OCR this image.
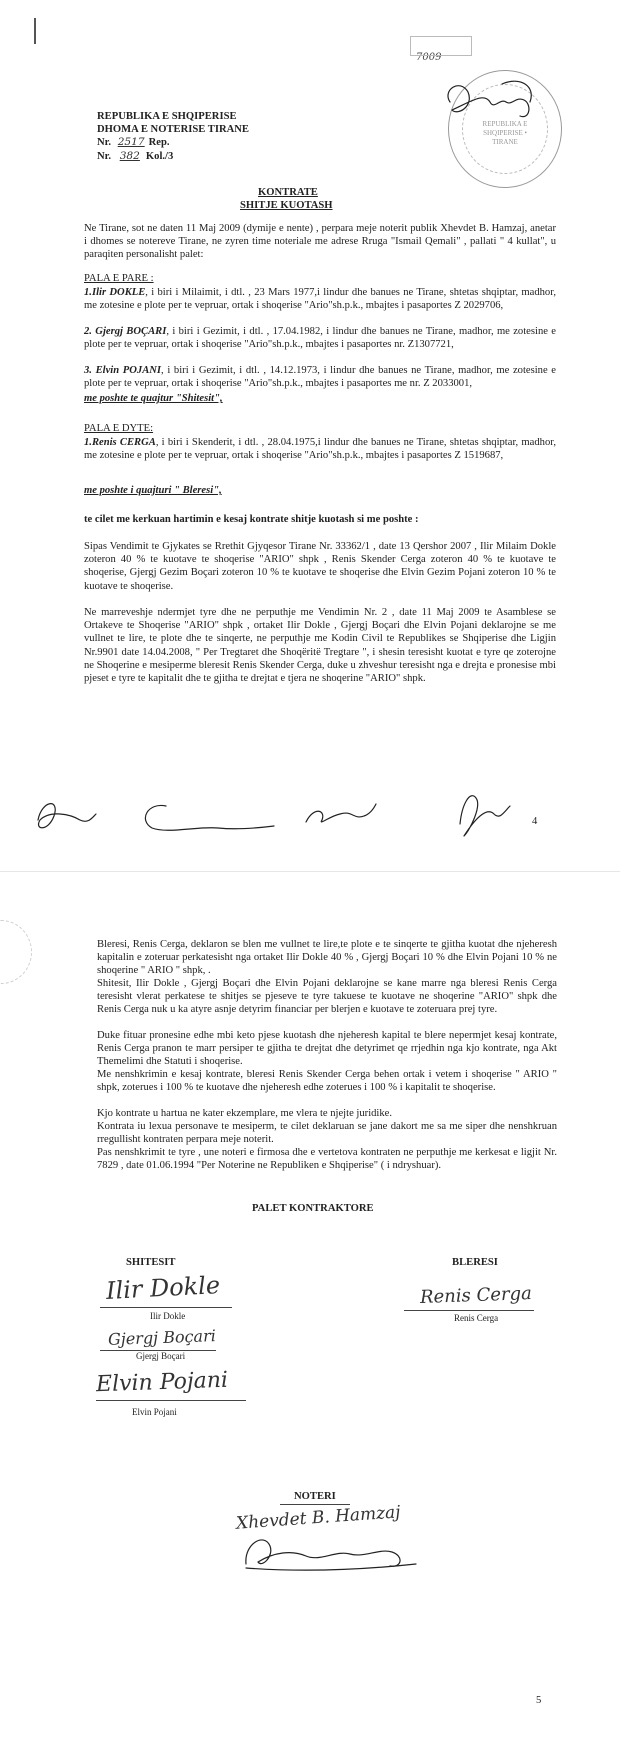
REPUBLIKA E SHQIPERISE
DHOMA E NOTERISE TIRANE
Nr. 2517 Rep.
Nr. 382 Kol./3
REPUBLIKA E SHQIPERISE • TIRANE
7009
KONTRATE
SHITJE KUOTASH
Ne Tirane, sot ne daten 11 Maj 2009 (dymije e nente) , perpara meje noterit publik Xhevdet B. Hamzaj, anetar i dhomes se notereve Tirane, ne zyren time noteriale me adrese Rruga "Ismail Qemali" , pallati " 4 kullat", u paraqiten personalisht palet:
PALA E PARE :
1.Ilir DOKLE, i biri i Milaimit, i dtl. , 23 Mars 1977,i lindur dhe banues ne Tirane, shtetas shqiptar, madhor, me zotesine e plote per te vepruar, ortak i shoqerise "Ario"sh.p.k., mbajtes i pasaportes Z 2029706,
2. Gjergj BOÇARI, i biri i Gezimit, i dtl. , 17.04.1982, i lindur dhe banues ne Tirane, madhor, me zotesine e plote per te vepruar, ortak i shoqerise "Ario"sh.p.k., mbajtes i pasaportes nr. Z1307721,
3. Elvin POJANI, i biri i Gezimit, i dtl. , 14.12.1973, i lindur dhe banues ne Tirane, madhor, me zotesine e plote per te vepruar, ortak i shoqerise "Ario"sh.p.k., mbajtes i pasaportes me nr. Z 2033001,
me poshte te quajtur "Shitesit",
PALA E DYTE:
1.Renis CERGA, i biri i Skenderit, i dtl. , 28.04.1975,i lindur dhe banues ne Tirane, shtetas shqiptar, madhor, me zotesine e plote per te vepruar, ortak i shoqerise "Ario"sh.p.k., mbajtes i pasaportes Z 1519687,
me poshte i quajturi " Bleresi",
te cilet me kerkuan hartimin e kesaj kontrate shitje kuotash si me poshte :
Sipas Vendimit te Gjykates se Rrethit Gjyqesor Tirane Nr. 33362/1 , date 13 Qershor 2007 , Ilir Milaim Dokle zoteron 40 % te kuotave te shoqerise "ARIO" shpk , Renis Skender Cerga zoteron 40 % te kuotave te shoqerise, Gjergj Gezim Boçari zoteron 10 % te kuotave te shoqerise dhe Elvin Gezim Pojani zoteron 10 % te kuotave te shoqerise.
Ne marreveshje ndermjet tyre dhe ne perputhje me Vendimin Nr. 2 , date 11 Maj 2009 te Asamblese se Ortakeve te Shoqerise "ARIO" shpk , ortaket Ilir Dokle , Gjergj Boçari dhe Elvin Pojani deklarojne se me vullnet te lire, te plote dhe te sinqerte, ne perputhje me Kodin Civil te Republikes se Shqiperise dhe Ligjin Nr.9901 date 14.04.2008, " Per Tregtaret dhe Shoqëritë Tregtare ", i shesin teresisht kuotat e tyre qe zoterojne ne Shoqerine e mesiperme bleresit Renis Skender Cerga, duke u zhveshur teresisht nga e drejta e pronesise mbi pjeset e tyre te kapitalit dhe te gjitha te drejtat e tjera ne shoqerine "ARIO" shpk.
4
Bleresi, Renis Cerga, deklaron se blen me vullnet te lire,te plote e te sinqerte te gjitha kuotat dhe njeheresh kapitalin e zoteruar perkatesisht nga ortaket Ilir Dokle 40 % , Gjergj Boçari 10 % dhe Elvin Pojani 10 % ne shoqerine " ARIO " shpk, .
Shitesit, Ilir Dokle , Gjergj Boçari dhe Elvin Pojani deklarojne se kane marre nga bleresi Renis Cerga teresisht vlerat perkatese te shitjes se pjeseve te tyre takuese te kuotave ne shoqerine "ARIO" shpk dhe Renis Cerga nuk u ka atyre asnje detyrim financiar per blerjen e kuotave te zoteruara prej tyre.
Duke fituar pronesine edhe mbi keto pjese kuotash dhe njeheresh kapital te blere nepermjet kesaj kontrate, Renis Cerga pranon te marr persiper te gjitha te drejtat dhe detyrimet qe rrjedhin nga kjo kontrate, nga Akt Themelimi dhe Statuti i shoqerise.
Me nenshkrimin e kesaj kontrate, bleresi Renis Skender Cerga behen ortak i vetem i shoqerise " ARIO " shpk, zoterues i 100 % te kuotave dhe njeheresh edhe zoterues i 100 % i kapitalit te shoqerise.
Kjo kontrate u hartua ne kater ekzemplare, me vlera te njejte juridike.
Kontrata iu lexua personave te mesiperm, te cilet deklaruan se jane dakort me sa me siper dhe nenshkruan rregullisht kontraten perpara meje noterit.
Pas nenshkrimit te tyre , une noteri e firmosa dhe e vertetova kontraten ne perputhje me kerkesat e ligjit Nr. 7829 , date 01.06.1994 "Per Noterine ne Republiken e Shqiperise" ( i ndryshuar).
PALET KONTRAKTORE
SHITESIT	BLERESI
Ilir Dokle
Ilir Dokle
Gjergj Boçari
Gjergj Boçari
Elvin Pojani
Elvin Pojani
Renis Cerga
Renis Cerga
NOTERI
Xhevdet B. Hamzaj
5
